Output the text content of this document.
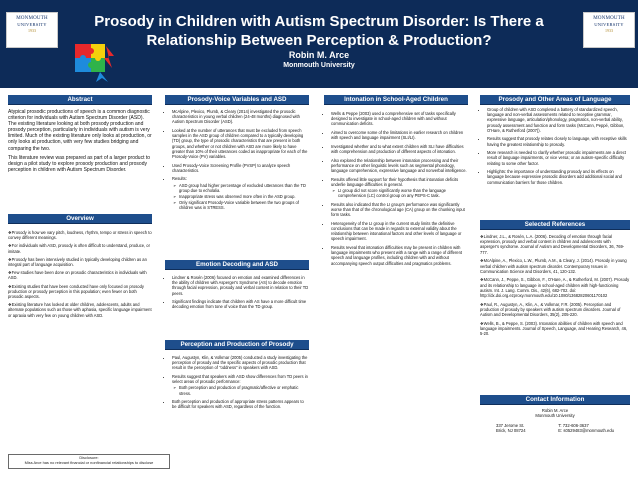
MONMOUTH
UNIVERSITY
1933
Prosody in Children with Autism Spectrum Disorder: Is There a Relationship Between Perception & Production?
Robin M. Arce
Monmouth University
MONMOUTH
UNIVERSITY
1933
Abstract

Atypical prosodic productions of speech is a common diagnostic criterion for individuals with Autism Spectrum Disorder (ASD). The existing literature looking at both prosody production and prosody perception, particularly in individuals with autism is very limited. Much of the existing literature only looks at production, or only looks at production, with very few studies bridging and comparing the two.

This literature review was prepared as part of a larger product to design a pilot study to explore prosody production and prosody perception in children with Autism Spectrum Disorder.

Overview

❖Prosody is how we vary pitch, loudness, rhythm, tempo or stress in speech to convey different meanings.

❖For individuals with ASD, prosody is often difficult to understand, produce, or imitate.

❖Prosody has been intensively studied in typically developing children as an integral part of language acquisition.

❖Few studies have been done on prosodic characteristics in individuals with ASD.

❖Existing studies that have been conducted have only focused on prosody production or prosody perception in this population; even fewer on both prosodic aspects.

❖Existing literature has looked at older children, adolescents, adults and alternate populations such as those with aphasia, specific language impairment or apraxia with very few on young children with ASD.

Disclosure:
Miss Arce has no relevant financial or nonfinancial relationships to disclose
Prosody-Voice Variables and ASD
• McAlpine, Plexico, Plumb, & Cleary (2014) investigated the prosodic characteristics in young verbal children (24-48 months) diagnosed with Autism Spectrum Disorder (ASD).
• Looked at the number of utterances that must be excluded from speech samples in the ASD group of children compared to a typically developing (TD) group, the type of prosodic characteristics that are present in both groups, and whether or not children with ASD are more likely to have greater than 10% of their utterances coded as inappropriate for each of the Prosody-Voice (PV) variables.
• Used Prosody-Voice Screening Profile (PVSP) to analyze speech characteristics.
• Results:
➢ ASD group had higher percentage of excluded utterances than the TD group due to echolalia.
➢ Inappropriate stress was observed more often in the ASD group.
➢ Only significant Prosody-Voice variable between the two groups of children was in STRESS.
Emotion Decoding and ASD
• Lindner & Rosén (2006) focused on emotion and examined differences in the ability of children with Asperger's Syndrome (AS) to decode emotion through facial expression, prosody and verbal content in relation to their TD peers.
• Significant findings indicate that children with AS have a more difficult time decoding emotion from tone of voice than the TD group.
Perception and Production of Prosody
• Paul, Augustyn, Klin, & Volkmar (2005) conducted a study investigating the perception of prosody and the specific aspects of prosodic production that result in the perception of "oddness" in speakers with ASD.
• Results suggest that speakers with ASD show differences from TD peers in select areas of prosodic performance:
➢ Both perception and production of pragmatic/affective or emphatic stress.
• Both perception and production of appropriate stress patterns appears to be difficult for speakers with ASD, regardless of the function.
Intonation in School-Aged Children
• Wells & Peppe (2003) used a comprehensive set of tasks specifically designed to investigate in school-aged children with and without communication deficits.
• Aimed to overcome some of the limitations in earlier research on children with speech and language impairment (SLI/LI).
• Investigated whether and to what extent children with SLI have difficulties with comprehension and production of different aspects of intonation.
• Also explored the relationship between intonation processing and their performance on other linguistic levels such as segmental phonology, language comprehension, expressive language and nonverbal intelligence.
• Results offered little support for their hypothesis that intonation deficits underlie language difficulties in general.
➢ LI group did not score significantly worse than the language comprehension (LC) control group on any PEPS-C task.
• Results also indicated that the LI group's performance was significantly worse than that of the chronological age (CA) group on the chunking input form tasks.
• Heterogeneity of the LI group in the current study limits the definitive conclusions that can be made in regards to external validity about the relationship between intonational factors and other levels of language or speech impairment.
• Results reveal that intonation difficulties may be present in children with language impairments who present with a range with a range of different speech and language profiles, including children with and without accompanying speech output difficulties and pragmatics problems.
Prosody and Other Areas of Language
• Group of children with ASD completed a battery of standardized speech, language and non-verbal assessments related to receptive grammar, expressive language, articulation/phonology, pragmatics, non-verbal ability, prosody assessment and function and form tasks (McCann, Peppé, Gibbon, O'Hare, & Rutherford (2007)).
• Results suggest that prosody relates closely to language, with receptive skills having the greatest relationship to prosody.
• More research is needed to clarify whether prosodic impairments are a direct result of language impairments, or vice versa; or an autism-specific difficulty relating to some other factor.
• Highlights: the importance of understanding prosody and its effects on language because expressive prosodic disorders add additional social and communication barriers for those children.
Selected References

❖Lindner, J.L., & Rosén, L.A. (2006). Decoding of emotion through facial expression, prosody and verbal content in children and adolescents with asperger's syndrome. Journal of Autism and Developmental Disorders, 36, 769-777.

❖McAlpine, A., Plexico, L.W., Plumb, A.M., & Cleary, J. (2014). Prosody in young verbal children with autism spectrum disorder. Contemporary Issues in Communication Science and Disorders, 41, 120-132.

❖McCann, J., Peppe, S., Gibbon, F., O'Hare, A., & Rutherford, M. (2007). Prosody and its relationship to language in school-aged children with high-functioning autism. Int. J. Lang. Comm. Dis., 42(6), 682-702. doi: http://dx.doi.org.ezproxy.monmouth.edu/10.1080/13682820601170102

❖Paul, R., Augustyn, A., Klin, A., & Volkmar, F.R. (2005). Perception and production of prosody by speakers with autism spectrum disorders. Journal of Autism and Developmental Disorders, 35(2), 205-220.

❖Wells, B., & Peppe, S. (2003). Intonation abilities of children with speech and language impairments. Journal of Speech, Language, and Hearing Research, 46, 5-20.

Contact Information
Robin M. Arce
Monmouth University
337 Jerome St.
Brick, NJ 08724
T: 732-606-3637
E: s0529483@monmouth.edu
